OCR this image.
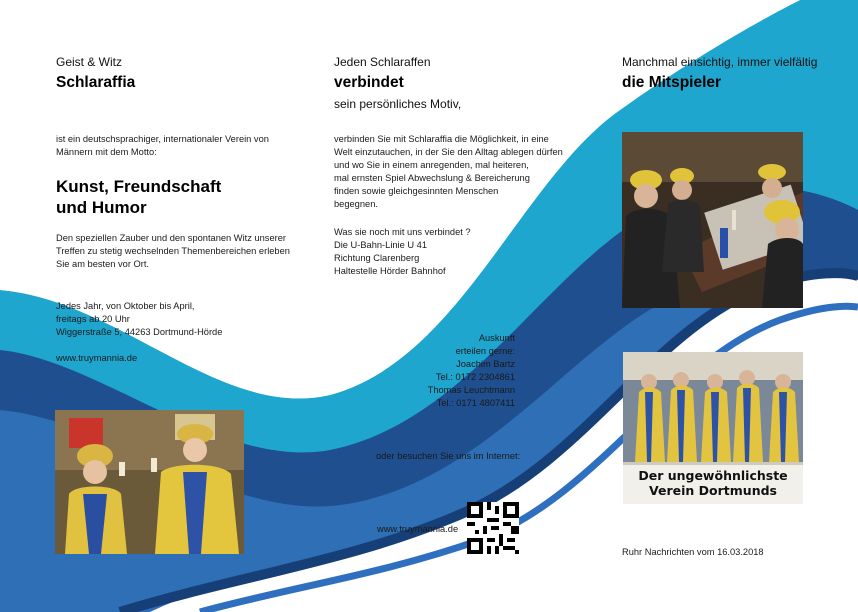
Geist & Witz

Schlaraffia

ist ein deutschsprachiger, internationaler Verein von

Männern mit dem Motto:

Kunst, Freundschaft

und Humor

Den speziellen Zauber und den spontanen Witz unserer

Treffen zu stetig wechselnden Themenbereichen erleben

Sie am besten vor Ort.

Jedes Jahr, von Oktober bis April,

freitags ab 20 Uhr

Wiggerstraße 5, 44263 Dortmund-Hörde

www.truymannia.de

Jeden Schlaraffen

verbindet

sein persönliches Motiv,

verbinden Sie mit Schlaraffia die Möglichkeit, in eine

Welt einzutauchen, in der Sie den Alltag ablegen dürfen

und wo Sie in einem anregenden, mal heiteren,

mal ernsten Spiel Abwechslung & Bereicherung

finden sowie gleichgesinnten Menschen

begegnen.

Was sie noch mit uns verbindet ?

Die U-Bahn-Linie U 41

Richtung Clarenberg

Haltestelle Hörder Bahnhof

Auskunft
erteilen gerne:
Joachim Bartz
Tel.: 0172 2304861
Thomas Leuchtmann
Tel.: 0171 4807411

oder besuchen Sie uns im Internet:

www.truymannia.de

Manchmal einsichtig, immer vielfältig

die Mitspieler

Der ungewöhnlichste
Verein Dortmunds

Ruhr Nachrichten vom 16.03.2018
